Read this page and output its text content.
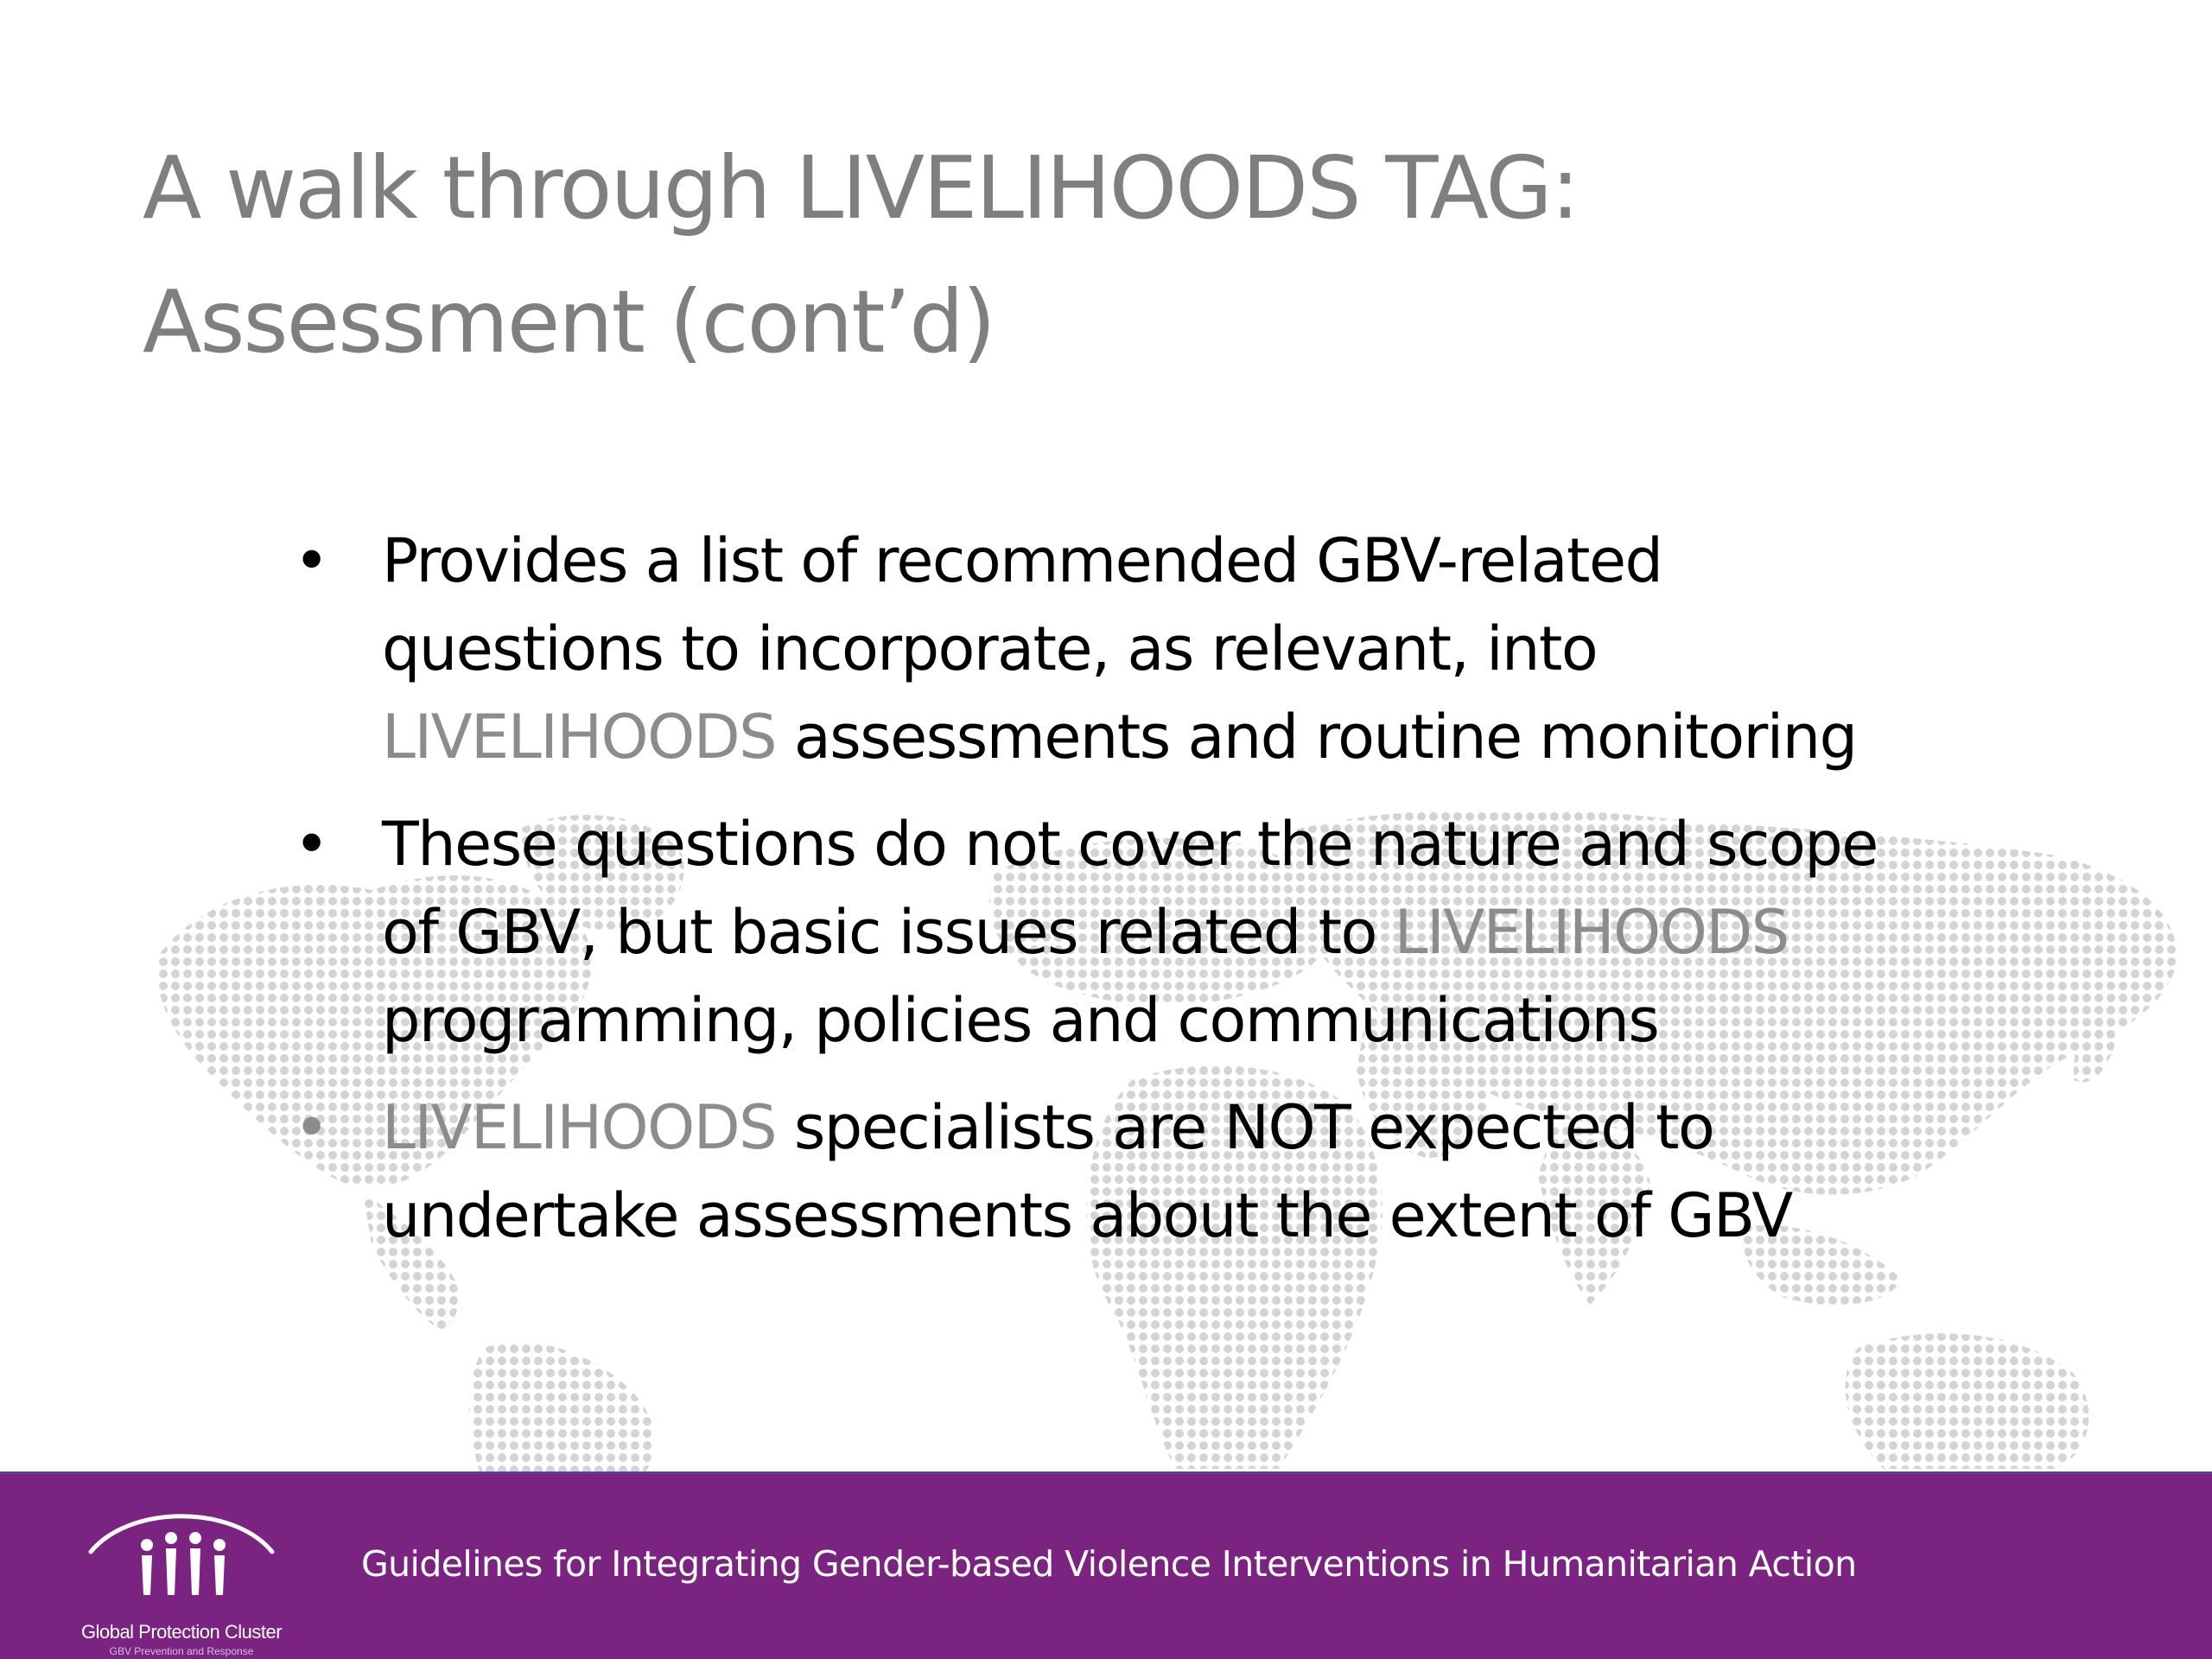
A walk through LIVELIHOODS TAG:
Assessment (cont’d)
• Provides a list of recommended GBV-related
questions to incorporate, as relevant, into
LIVELIHOODS assessments and routine monitoring
• These questions do not cover the nature and scope
of GBV, but basic issues related to LIVELIHOODS
programming, policies and communications
• LIVELIHOODS specialists are NOT expected to
undertake assessments about the extent of GBV
Global Protection Cluster
GBV Prevention and Response
Guidelines for Integrating Gender-based Violence Interventions in Humanitarian Action
